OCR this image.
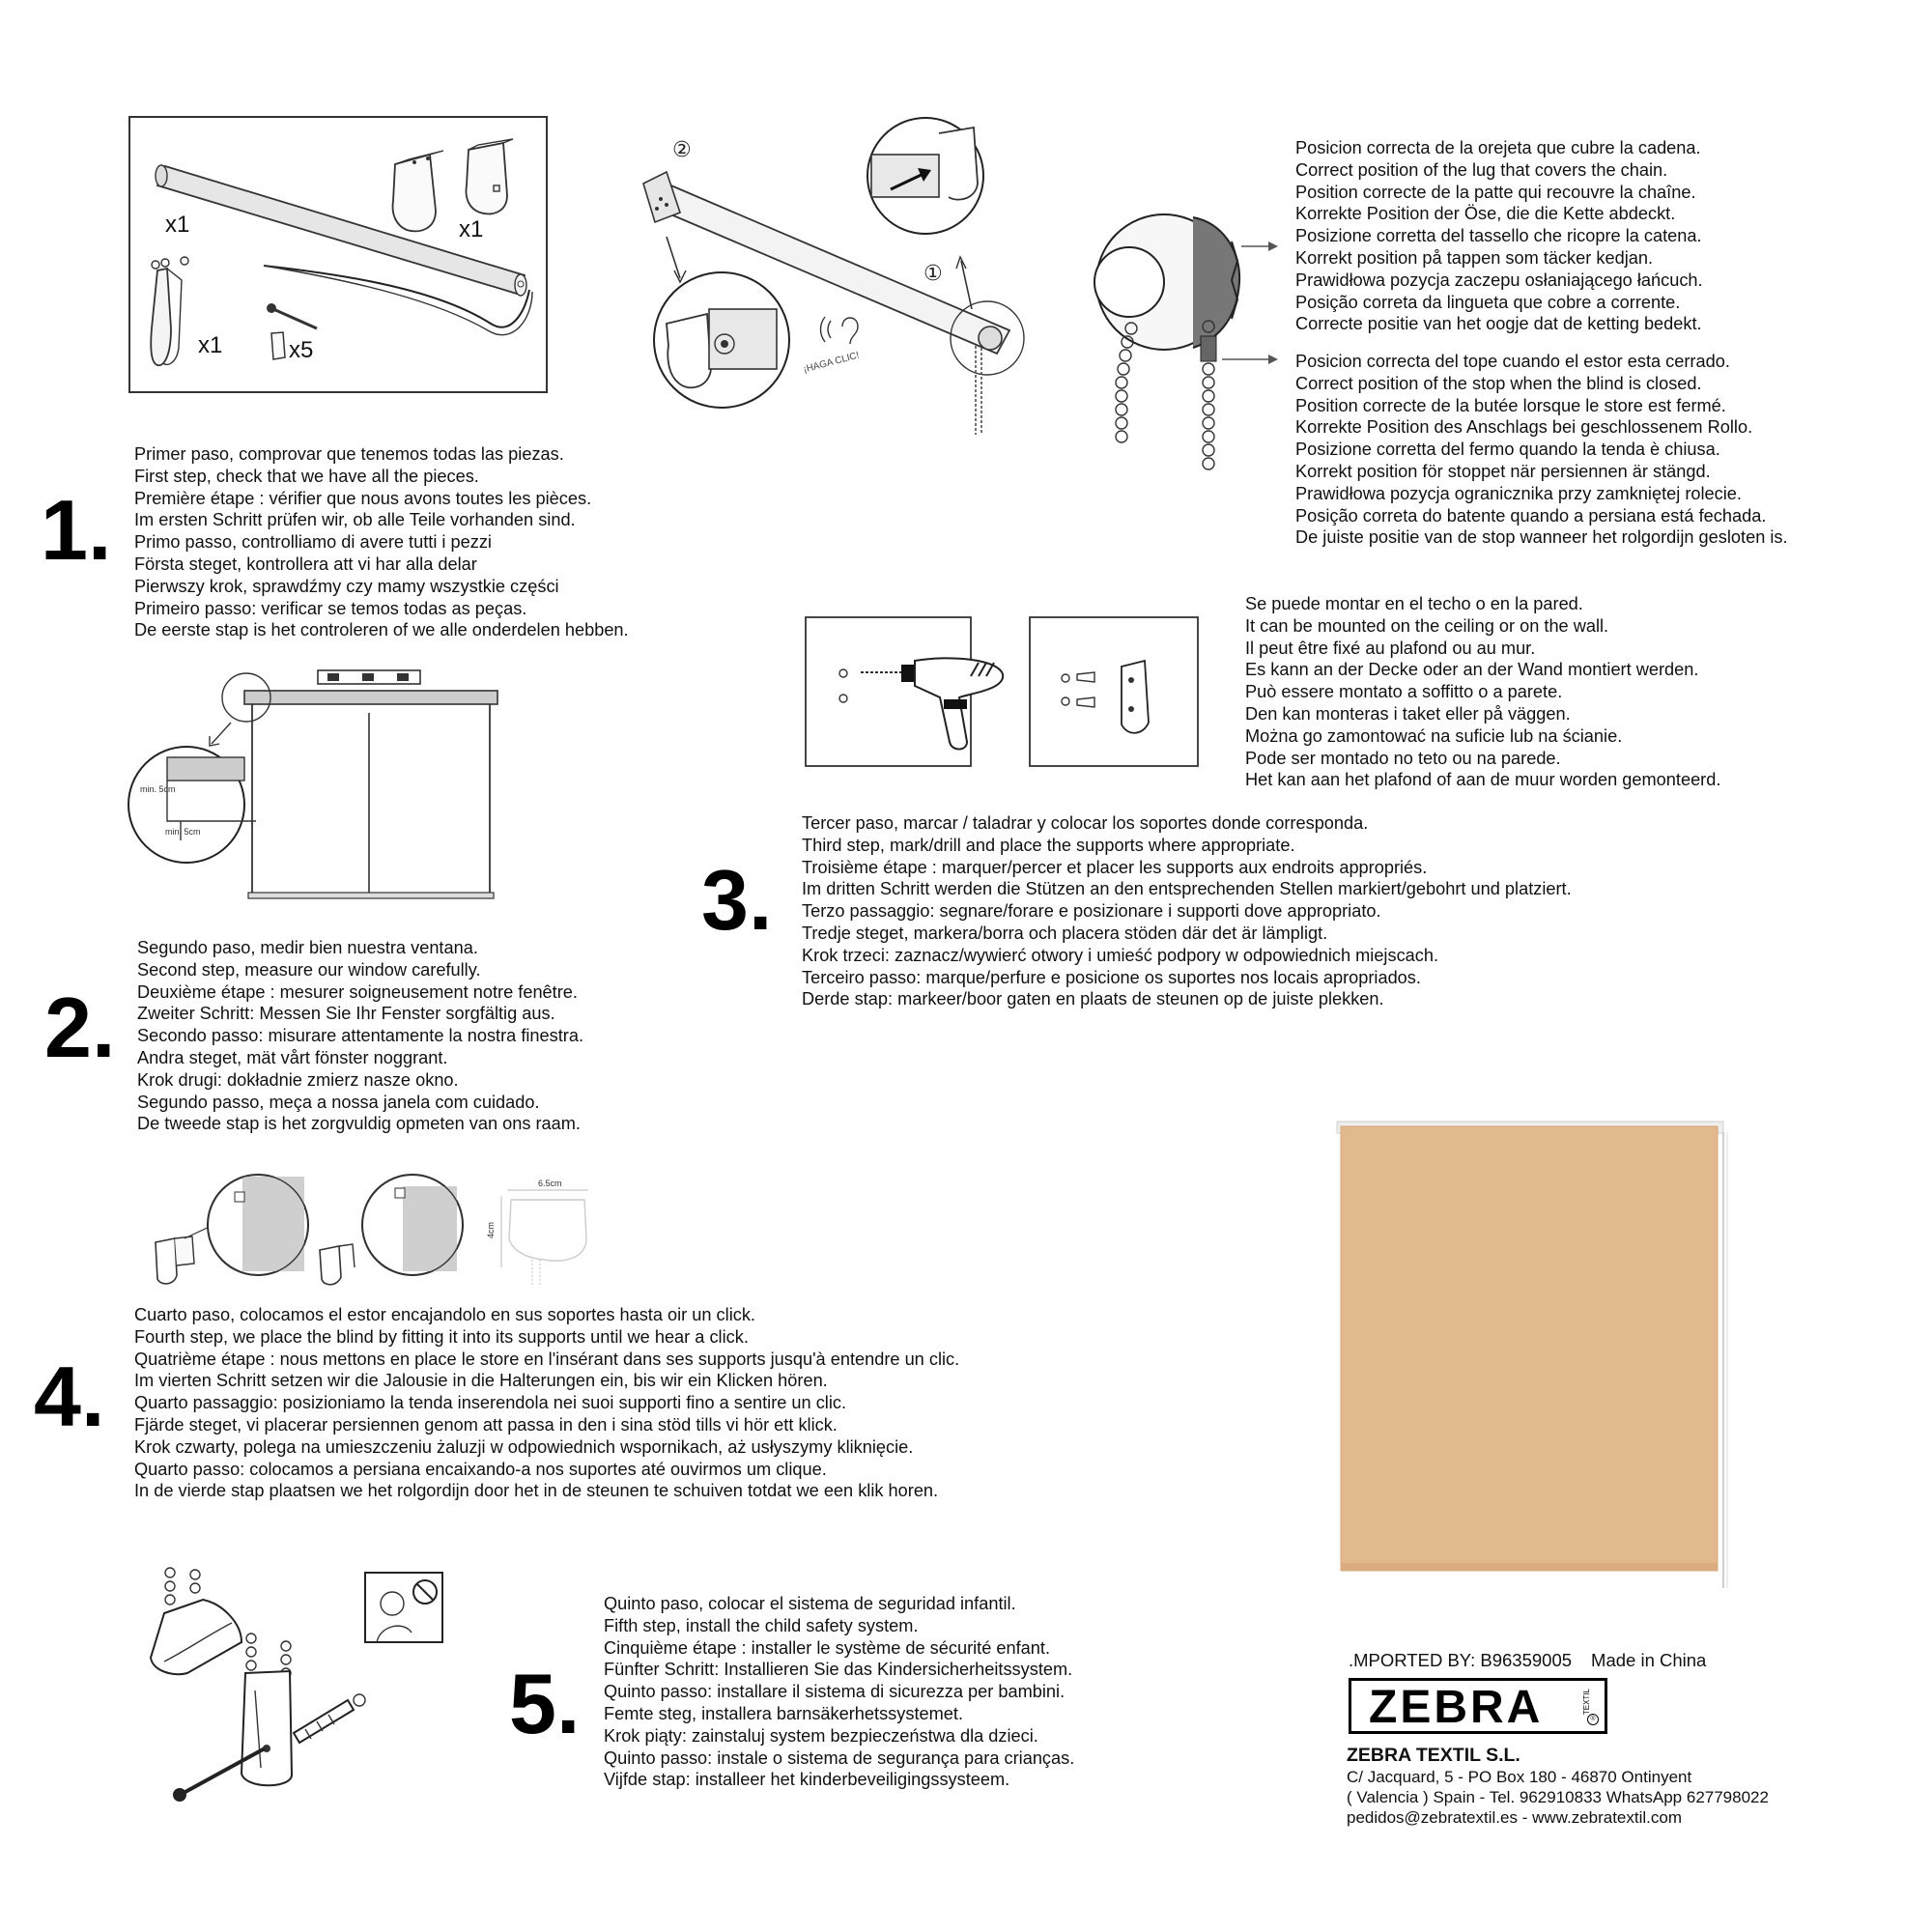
x1	x1
x1	x5
1.
Primer paso, comprovar que tenemos todas las piezas.
First step, check that we have all the pieces.
Première étape : vérifier que nous avons toutes les pièces.
Im ersten Schritt prüfen wir, ob alle Teile vorhanden sind.
Primo passo, controlliamo di avere tutti i pezzi
Första steget, kontrollera att vi har alla delar
Pierwszy krok, sprawdźmy czy mamy wszystkie części
Primeiro passo: verificar se temos todas as peças.
De eerste stap is het controleren of we alle onderdelen hebben.
②
¡HAGA CLIC!
①
Posicion correcta de la orejeta que cubre la cadena.
Correct position of the lug that covers the chain.
Position correcte de la patte qui recouvre la chaîne.
Korrekte Position der Öse, die die Kette abdeckt.
Posizione corretta del tassello che ricopre la catena.
Korrekt position på tappen som täcker kedjan.
Prawidłowa pozycja zaczepu osłaniającego łańcuch.
Posição correta da lingueta que cobre a corrente.
Correcte positie van het oogje dat de ketting bedekt.
Posicion correcta del tope cuando el estor esta cerrado.
Correct position of the stop when the blind is closed.
Position correcte de la butée lorsque le store est fermé.
Korrekte Position des Anschlags bei geschlossenem Rollo.
Posizione corretta del fermo quando la tenda è chiusa.
Korrekt position för stoppet när persiennen är stängd.
Prawidłowa pozycja ogranicznika przy zamkniętej rolecie.
Posição correta do batente quando a persiana está fechada.
De juiste positie van de stop wanneer het rolgordijn gesloten is.
min. 5cm
min. 5cm
2.
Segundo paso, medir bien nuestra ventana.
Second step, measure our window carefully.
Deuxième étape : mesurer soigneusement notre fenêtre.
Zweiter Schritt: Messen Sie Ihr Fenster sorgfältig aus.
Secondo passo: misurare attentamente la nostra finestra.
Andra steget, mät vårt fönster noggrant.
Krok drugi: dokładnie zmierz nasze okno.
Segundo passo, meça a nossa janela com cuidado.
De tweede stap is het zorgvuldig opmeten van ons raam.
Se puede montar en el techo o en la pared.
It can be mounted on the ceiling or on the wall.
Il peut être fixé au plafond ou au mur.
Es kann an der Decke oder an der Wand montiert werden.
Può essere montato a soffitto o a parete.
Den kan monteras i taket eller på väggen.
Można go zamontować na suficie lub na ścianie.
Pode ser montado no teto ou na parede.
Het kan aan het plafond of aan de muur worden gemonteerd.
3.
Tercer paso, marcar / taladrar y colocar los soportes donde corresponda.
Third step, mark/drill and place the supports where appropriate.
Troisième étape : marquer/percer et placer les supports aux endroits appropriés.
Im dritten Schritt werden die Stützen an den entsprechenden Stellen markiert/gebohrt und platziert.
Terzo passaggio: segnare/forare e posizionare i supporti dove appropriato.
Tredje steget, markera/borra och placera stöden där det är lämpligt.
Krok trzeci: zaznacz/wywierć otwory i umieść podpory w odpowiednich miejscach.
Terceiro passo: marque/perfure e posicione os suportes nos locais apropriados.
Derde stap: markeer/boor gaten en plaats de steunen op de juiste plekken.
6.5cm
4cm
4.
Cuarto paso, colocamos el estor encajandolo en sus soportes hasta oir un click.
Fourth step, we place the blind by fitting it into its supports until we hear a click.
Quatrième étape : nous mettons en place le store en l'insérant dans ses supports jusqu'à entendre un clic.
Im vierten Schritt setzen wir die Jalousie in die Halterungen ein, bis wir ein Klicken hören.
Quarto passaggio: posizioniamo la tenda inserendola nei suoi supporti fino a sentire un clic.
Fjärde steget, vi placerar persiennen genom att passa in den i sina stöd tills vi hör ett klick.
Krok czwarty, polega na umieszczeniu żaluzji w odpowiednich wspornikach, aż usłyszymy kliknięcie.
Quarto passo: colocamos a persiana encaixando-a nos suportes até ouvirmos um clique.
In de vierde stap plaatsen we het rolgordijn door het in de steunen te schuiven totdat we een klik horen.
5.
Quinto paso, colocar el sistema de seguridad infantil.
Fifth step, install the child safety system.
Cinquième étape : installer le système de sécurité enfant.
Fünfter Schritt: Installieren Sie das Kindersicherheitssystem.
Quinto passo: installare il sistema di sicurezza per bambini.
Femte steg, installera barnsäkerhetssystemet.
Krok piąty: zainstaluj system bezpieczeństwa dla dzieci.
Quinto passo: instale o sistema de segurança para crianças.
Vijfde stap: installeer het kinderbeveiligingssysteem.
.MPORTED BY: B96359005 Made in China
ZEBRA	TEXTIL
®
ZEBRA TEXTIL S.L.
C/ Jacquard, 5 - PO Box 180 - 46870 Ontinyent
( Valencia ) Spain - Tel. 962910833 WhatsApp 627798022
pedidos@zebratextil.es - www.zebratextil.com
